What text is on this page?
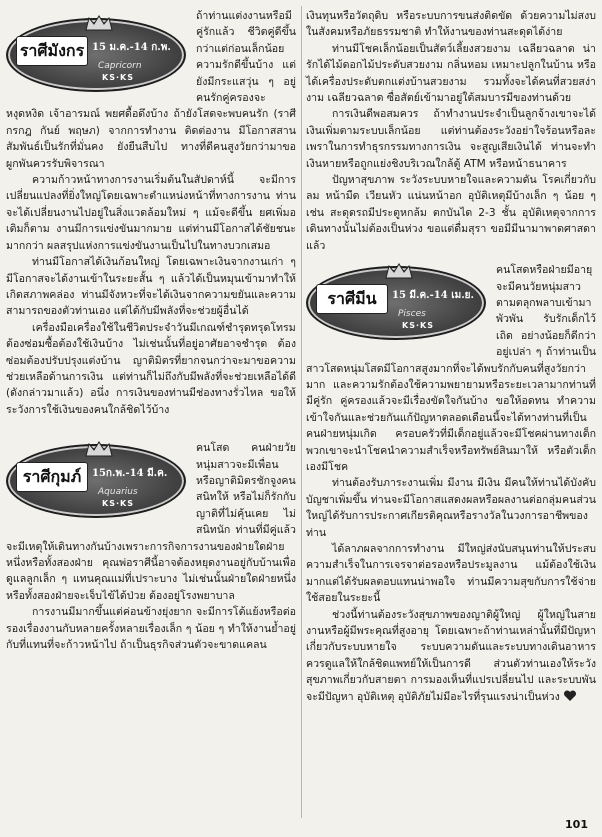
ราศีมังกร 15 ม.ค.-14 ก.พ.
Capricorn
KS·KS

ถ้าท่านแต่งงานหรือมีคู่รักแล้ว ชีวิตคู่ดีขึ้นกว่าแต่ก่อนเล็กน้อย ความรักดีขึ้นบ้าง แต่ยังมีกระแสวุ่น ๆ อยู่ คนรักคู่ครองจะหงุดหงิด เจ้าอารมณ์ พยศดื้อดึงบ้าง ถ้ายังโสดจะพบคนรัก (ราศีกรกฎ กันย์ พฤษภ) จากการทำงาน ติดต่องาน มีโอกาสสานสัมพันธ์เป็นรักที่มั่นคง ยังยืนสืบไป ทางที่ดีคนสูงวัยกว่ามาขอผูกพันควรรับพิจารณา

ความก้าวหน้าทางการงานเริ่มต้นในสัปดาห์นี้ จะมีการเปลี่ยนแปลงที่ยิ่งใหญ่โดยเฉพาะตำแหน่งหน้าที่ทางการงาน ท่านจะได้เปลี่ยนงานไปอยู่ในสิ่งแวดล้อมใหม่ ๆ แม้จะดีขึ้น ยศเพิ่มอเติมก็ตาม งานมีการแข่งขันมากมาย แต่ท่านมีโอกาสได้ชัยชนะมากกว่า ผลสรุปแห่งการแข่งขันงานเป็นไปในทางบวกเสมอ

ท่านมีโอกาสได้เงินก้อนใหญ่ โดยเฉพาะเงินจากงานเก่า ๆ มีโอกาสจะได้งานเข้าในระยะสั้น ๆ แล้วได้เป็นหมุนเข้ามาทำให้เกิดสภาพคล่อง ท่านมีจังหวะที่จะได้เงินจากความขยันและความสามารถของตัวท่านเอง แต่ได้กับมีพลังที่จะช่วยผู้อื่นได้

เครื่องมือเครื่องใช้ในชีวิตประจำวันมีเกณฑ์ชำรุดทรุดโทรมต้องซ่อมซื้อต้องใช้เงินบ้าง ไม่เช่นนั้นที่อยู่อาศัยอาจชำรุด ต้องซ่อมต้องปรับปรุงแต่งบ้าน ญาติมิตรที่ยากจนกว่าจะมาขอความช่วยเหลือด้านการเงิน แต่ท่านก็ไม่ถึงกับมีพลังที่จะช่วยเหลือได้ดี (ดังกล่าวมาแล้ว) อนึ่ง การเงินของท่านมีช่องทางรั่วไหล ขอให้ระวังการใช้เงินของคนใกล้ชิดไว้บ้าง

ราศีกุมภ์	15ก.พ.-14 มี.ค.
Aquarius
KS·KS

คนโสด คนฝ่ายวัยหนุ่มสาวจะมีเพื่อนหรือญาติมิตรชักจูงคนสนิทให้ หรือไม่ก็รักกับญาติที่ไม่คุ้นเคย ไม่สนิทนัก ท่านที่มีคู่แล้วจะมีเหตุให้เดินทางกันบ้างเพราะการกิจการงานของฝ่ายใดฝ่ายหนึ่งหรือทั้งสองฝ่าย คุณพ่อราศีนี้อาจต้องหยุดงานอยู่กับบ้านเพื่อดูแลลูกเล็ก ๆ แทนคุณแม่ที่เปราะบาง ไม่เช่นนั้นฝ่ายใดฝ่ายหนึ่ง หรือทั้งสองฝ่ายจะเจ็บไข้ได้ป่วย ต้องอยู่โรงพยาบาล

การงานมีมากขึ้นแต่ค่อนข้างยุ่งยาก จะมีการโต้แย้งหรือต่อรองเรื่องงานกับหลายครั้งหลายเรื่องเล็ก ๆ น้อย ๆ ทำให้งานย้ำอยู่กับที่แทนที่จะก้าวหน้าไป ถ้าเป็นธุรกิจส่วนตัวจะขาดแคลน

เงินทุนหรือวัตถุดิบ หรือระบบการขนส่งติดขัด ด้วยความไม่สงบในสังคมหรือภัยธรรมชาติ ทำให้งานของท่านสะดุดได้ง่าย

ท่านมีโชคเล็กน้อยเป็นสัตว์เลี้ยงสวยงาม เฉลียวฉลาด น่ารักได้ไม้ดอกไม้ประดับสวยงาม กลิ่นหอม เหมาะปลูกในบ้าน หรือได้เครื่องประดับตกแต่งบ้านสวยงาม รวมทั้งจะได้คนที่สวยสง่างาม เฉลียวฉลาด ซื่อสัตย์เข้ามาอยู่ใต้สมบารมีของท่านด้วย

การเงินดีพอสมควร ถ้าทำงานประจำเป็นลูกจ้างเขาจะได้เงินเพิ่มตามระบบเล็กน้อย แต่ท่านต้องระวังอย่าใจร้อนหรือละเพราในการทำธุรกรรมทางการเงิน จะสูญเสียเงินได้ ท่านจะทำเงินหายหรือถูกแย่งชิงบริเวณใกล้ตู้ ATM หรือหน้าธนาคาร

ปัญหาสุขภาพ ระวังระบบหายใจและความดัน โรคเกี่ยวกับลม หน้ามืด เวียนหัว แน่นหน้าอก อุบัติเหตุมีบ้างเล็ก ๆ น้อย ๆ เช่น สะดุดรถมีประตูหกล้ม ตกบันได 2-3 ชั้น อุบัติเหตุจากการเดินทางนั้นไม่ต้องเป็นห่วง ขอแต่ดื่มสุรา ขอมีมีนามาพาดศาสดาแล้ว

ราศีมีน	15 มี.ค.-14 เม.ย.
Pisces
KS·KS

คนโสดหรือฝ่ายมีอายุจะมีคนวัยหนุ่มสาวตามตลุกพลาบเข้ามาพัวพัน รับรักเด็กไว้เถิด อย่างน้อยก็ดีกว่าอยู่เปล่า ๆ ถ้าท่านเป็นสาวโสดหนุ่มโสดมีโอกาสสูงมากที่จะได้พบรักกับคนที่สูงวัยกว่ามาก และความรักต้องใช้ความพยายามหรือระยะเวลามากท่านที่มีคู่รัก คู่ครองแล้วจะมีเรื่องขัดใจกันบ้าง ขอให้อดทน ทำความเข้าใจกันและช่วยกันแก้ปัญหาตลอดเดือนนี้จะได้ทางท่านที่เป็นคนฝ่ายหนุ่มเกิด ครอบครัวที่มีเด็กอยู่แล้วจะมีโชคผ่านทางเด็ก พวกเขาจะนำโชคนำความสำเร็จหรือทรัพย์สินมาให้ หรือตัวเด็กเองมีโชค

ท่านต้องรับภาระงานเพิ่ม มีงาน มีเงิน มีคนให้ท่านได้บังคับบัญชาเพิ่มขึ้น ท่านจะมีโอกาสแสดงผลหรือผลงานต่อกลุ่มคนส่วนใหญ่ได้รับการประกาศเกียรติคุณหรือรางวัลในวงการอาชีพของท่าน

ได้ลาภผลจากการทำงาน มีใหญ่ส่งนับสนุนท่านให้ประสบความสำเร็จในการเจรจาต่อรองหรือประมูลงาน แม้ต้องใช้เงินมากแต่ได้รับผลตอบแทนน่าพอใจ ท่านมีความสุขกับการใช้จ่ายใช้สอยในระยะนี้

ช่วงนี้ท่านต้องระวังสุขภาพของญาติผู้ใหญ่ ผู้ใหญ่ในสายงานหรือผู้มีพระคุณที่สูงอายุ โดยเฉพาะถ้าท่านเหล่านั้นที่มีปัญหาเกี่ยวกับระบบหายใจ ระบบความดันและระบบทางเดินอาหาร ควรดูแลให้ใกล้ชิดแพทย์ให้เป็นการดี ส่วนตัวท่านเองให้ระวังสุขภาพเกี่ยวกับสายตา การมองเห็นที่แปรเปลี่ยนไป และระบบพันจะมีปัญหา อุบัติเหตุ อุบัติภัยไม่มีอะไรที่รุนแรงน่าเป็นห่วง

101
